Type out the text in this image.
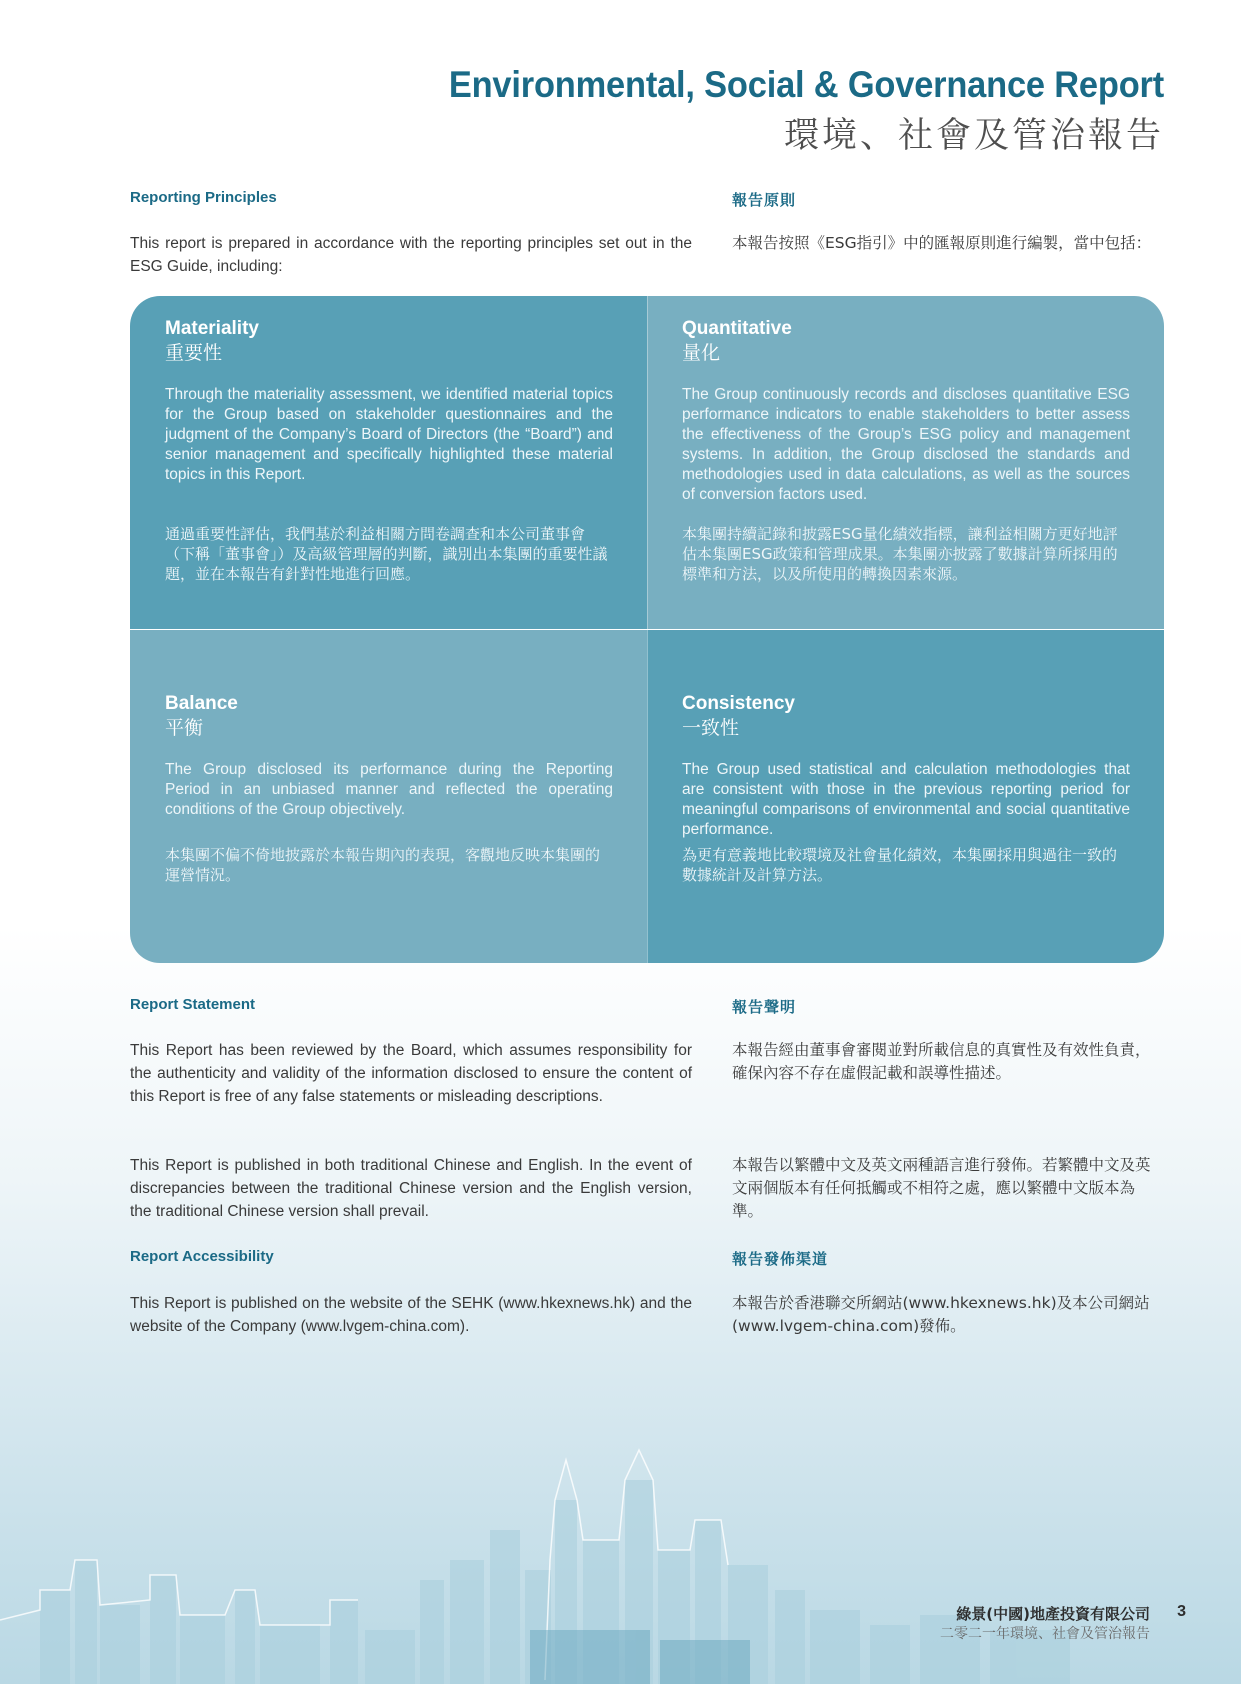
Environmental, Social & Governance Report
環境、社會及管治報告
Reporting Principles	報告原則
This report is prepared in accordance with the reporting principles set out in the ESG Guide, including:
本報告按照《ESG指引》中的匯報原則進行編製，當中包括：
Materiality
重要性
Through the materiality assessment, we identified material topics for the Group based on stakeholder questionnaires and the judgment of the Company’s Board of Directors (the “Board”) and senior management and specifically highlighted these material topics in this Report.
通過重要性評估，我們基於利益相關方問卷調查和本公司董事會（下稱「董事會」）及高級管理層的判斷，識別出本集團的重要性議題，並在本報告有針對性地進行回應。
Quantitative
量化
The Group continuously records and discloses quantitative ESG performance indicators to enable stakeholders to better assess the effectiveness of the Group’s ESG policy and management systems. In addition, the Group disclosed the standards and methodologies used in data calculations, as well as the sources of conversion factors used.
本集團持續記錄和披露ESG量化績效指標，讓利益相關方更好地評估本集團ESG政策和管理成果。本集團亦披露了數據計算所採用的標準和方法，以及所使用的轉換因素來源。
Balance
平衡
The Group disclosed its performance during the Reporting Period in an unbiased manner and reflected the operating conditions of the Group objectively.
本集團不偏不倚地披露於本報告期內的表現，客觀地反映本集團的運營情況。
Consistency
一致性
The Group used statistical and calculation methodologies that are consistent with those in the previous reporting period for meaningful comparisons of environmental and social quantitative performance.
為更有意義地比較環境及社會量化績效，本集團採用與過往一致的數據統計及計算方法。
Report Statement	報告聲明
This Report has been reviewed by the Board, which assumes responsibility for the authenticity and validity of the information disclosed to ensure the content of this Report is free of any false statements or misleading descriptions.
本報告經由董事會審閱並對所載信息的真實性及有效性負責，確保內容不存在虛假記載和誤導性描述。
This Report is published in both traditional Chinese and English. In the event of discrepancies between the traditional Chinese version and the English version, the traditional Chinese version shall prevail.
本報告以繁體中文及英文兩種語言進行發佈。若繁體中文及英文兩個版本有任何抵觸或不相符之處，應以繁體中文版本為準。
Report Accessibility	報告發佈渠道
This Report is published on the website of the SEHK (www.hkexnews.hk) and the website of the Company (www.lvgem-china.com).
本報告於香港聯交所網站(www.hkexnews.hk)及本公司網站(www.lvgem-china.com)發佈。
綠景(中國)地產投資有限公司
二零二一年環境、社會及管治報告
3
